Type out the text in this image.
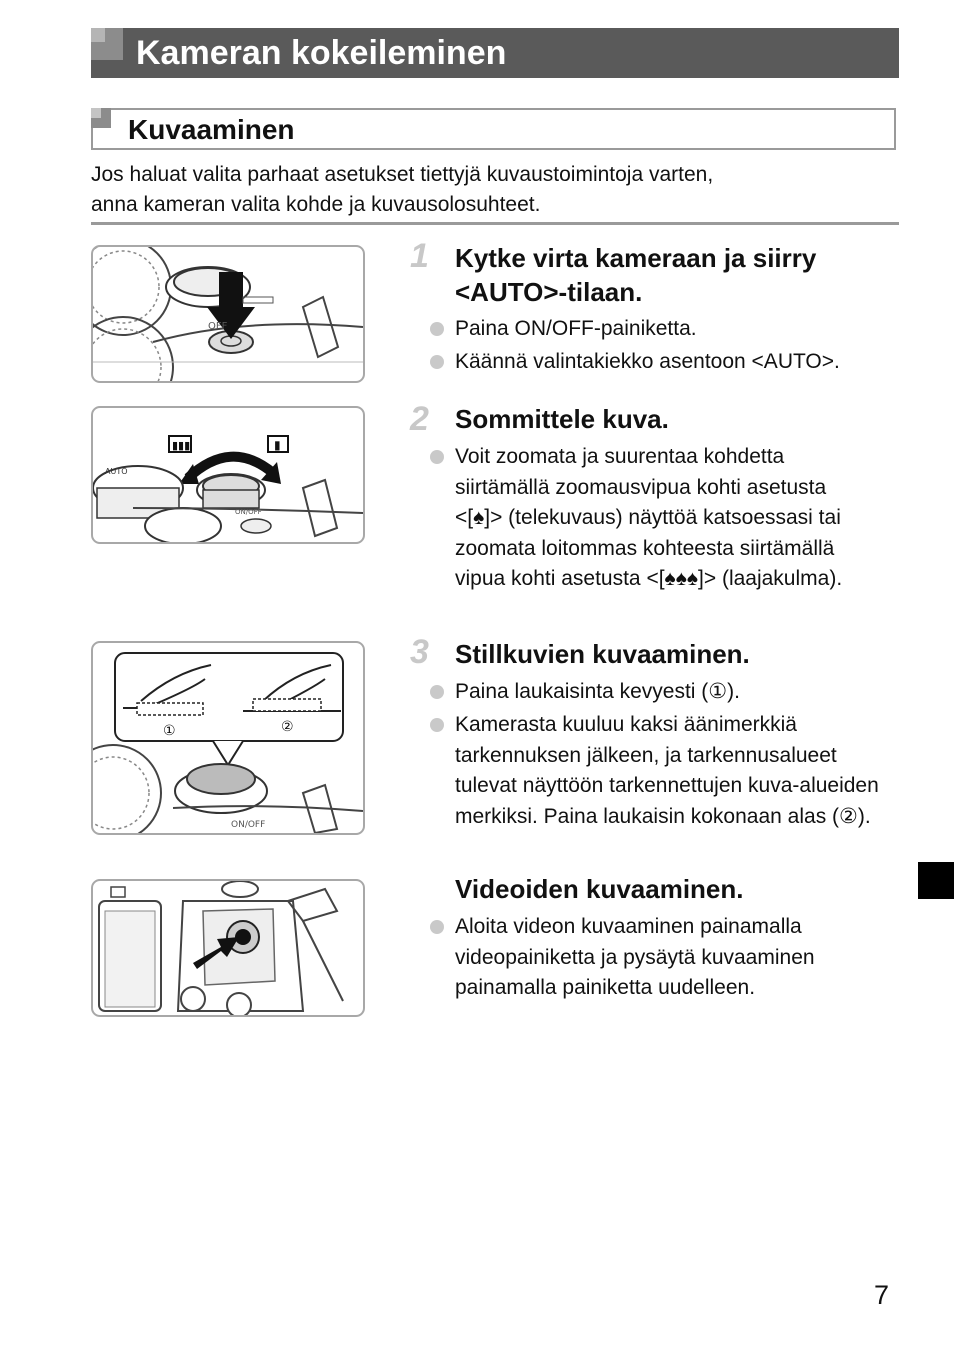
Kameran kokeileminen
Kuvaaminen
Jos haluat valita parhaat asetukset tiettyjä kuvaustoimintoja varten,
anna kameran valita kohde ja kuvausolosuhteet.
OFF
▮▮▮	▮
AUTO
ON/OFF
①	②
ON/OFF
1 Kytke virta kameraan ja siirry
<AUTO>-tilaan.
Paina ON/OFF-painiketta.
Käännä valintakiekko asentoon <AUTO>.
2 Sommittele kuva.
Voit zoomata ja suurentaa kohdetta siirtämällä zoomausvipua kohti asetusta <[♠]> (telekuvaus) näyttöä katsoessasi tai zoomata loitommas kohteesta siirtämällä vipua kohti asetusta <[♠♠♠]> (laajakulma).
3 Stillkuvien kuvaaminen.
Paina laukaisinta kevyesti (①).
Kamerasta kuuluu kaksi äänimerkkiä tarkennuksen jälkeen, ja tarkennusalueet tulevat näyttöön tarkennettujen kuva-alueiden merkiksi. Paina laukaisin kokonaan alas (②).
Videoiden kuvaaminen.
Aloita videon kuvaaminen painamalla videopainiketta ja pysäytä kuvaaminen painamalla painiketta uudelleen.
7
